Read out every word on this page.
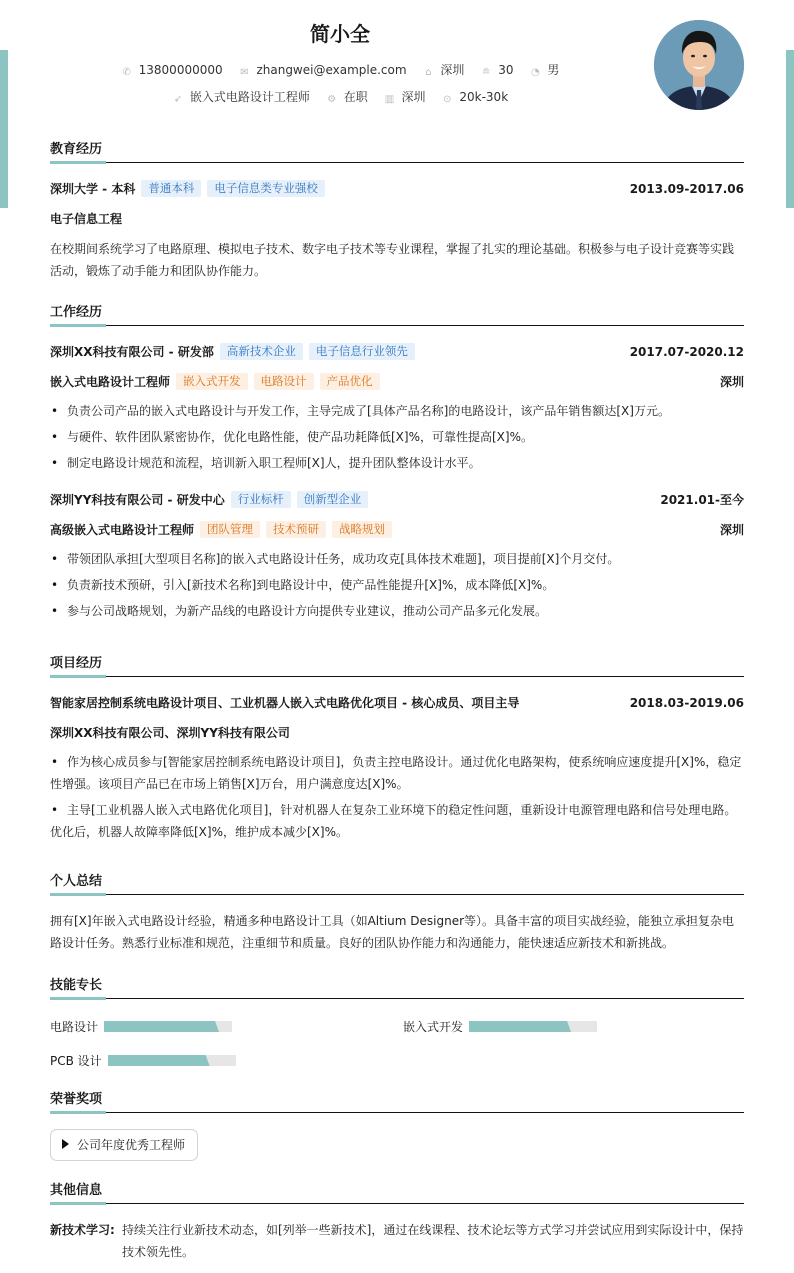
简小全
✆ 13800000000 ✉ zhangwei@example.com ⌂ 深圳 ≘ 30 ◔ 男
➶ 嵌入式电路设计工程师 ⚙ 在职 ▥ 深圳 ⊙ 20k-30k
教育经历
深圳大学 - 本科 普通本科 电子信息类专业强校	2013.09-2017.06
电子信息工程
在校期间系统学习了电路原理、模拟电子技术、数字电子技术等专业课程，掌握了扎实的理论基础。积极参与电子设计竞赛等实践活动，锻炼了动手能力和团队协作能力。
工作经历
深圳XX科技有限公司 - 研发部 高新技术企业 电子信息行业领先	2017.07-2020.12
嵌入式电路设计工程师 嵌入式开发 电路设计 产品优化	深圳
• 负责公司产品的嵌入式电路设计与开发工作，主导完成了[具体产品名称]的电路设计，该产品年销售额达[X]万元。
• 与硬件、软件团队紧密协作，优化电路性能，使产品功耗降低[X]%，可靠性提高[X]%。
• 制定电路设计规范和流程，培训新入职工程师[X]人，提升团队整体设计水平。
深圳YY科技有限公司 - 研发中心 行业标杆 创新型企业	2021.01-至今
高级嵌入式电路设计工程师 团队管理 技术预研 战略规划	深圳
• 带领团队承担[大型项目名称]的嵌入式电路设计任务，成功攻克[具体技术难题]，项目提前[X]个月交付。
• 负责新技术预研，引入[新技术名称]到电路设计中，使产品性能提升[X]%，成本降低[X]%。
• 参与公司战略规划，为新产品线的电路设计方向提供专业建议，推动公司产品多元化发展。
项目经历
智能家居控制系统电路设计项目、工业机器人嵌入式电路优化项目 - 核心成员、项目主导	2018.03-2019.06
深圳XX科技有限公司、深圳YY科技有限公司
• 作为核心成员参与[智能家居控制系统电路设计项目]，负责主控电路设计。通过优化电路架构，使系统响应速度提升[X]%，稳定性增强。该项目产品已在市场上销售[X]万台，用户满意度达[X]%。
• 主导[工业机器人嵌入式电路优化项目]，针对机器人在复杂工业环境下的稳定性问题，重新设计电源管理电路和信号处理电路。优化后，机器人故障率降低[X]%，维护成本减少[X]%。
个人总结
拥有[X]年嵌入式电路设计经验，精通多种电路设计工具（如Altium Designer等）。具备丰富的项目实战经验，能独立承担复杂电路设计任务。熟悉行业标准和规范，注重细节和质量。良好的团队协作能力和沟通能力，能快速适应新技术和新挑战。
技能专长
电路设计	嵌入式开发
PCB 设计
荣誉奖项
公司年度优秀工程师
其他信息
新技术学习: 持续关注行业新技术动态，如[列举一些新技术]，通过在线课程、技术论坛等方式学习并尝试应用到实际设计中，保持技术领先性。
